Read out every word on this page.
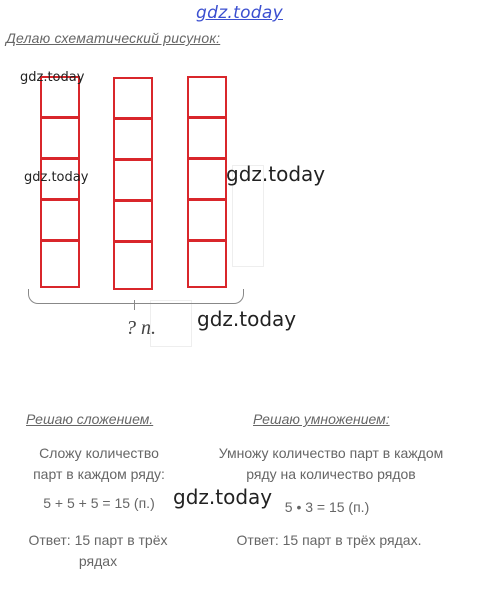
gdz.today
Делаю схематический рисунок:
? п.
gdz.today
gdz.today	gdz.today
gdz.today
Решаю сложением.
Сложу количество
парт в каждом ряду:
5 + 5 + 5 = 15 (п.)
Ответ: 15 парт в трёх
рядах
Решаю умножением:
Умножу количество парт в каждом
ряду на количество рядов
5 • 3 = 15 (п.)
Ответ: 15 парт в трёх рядах.
gdz.today
